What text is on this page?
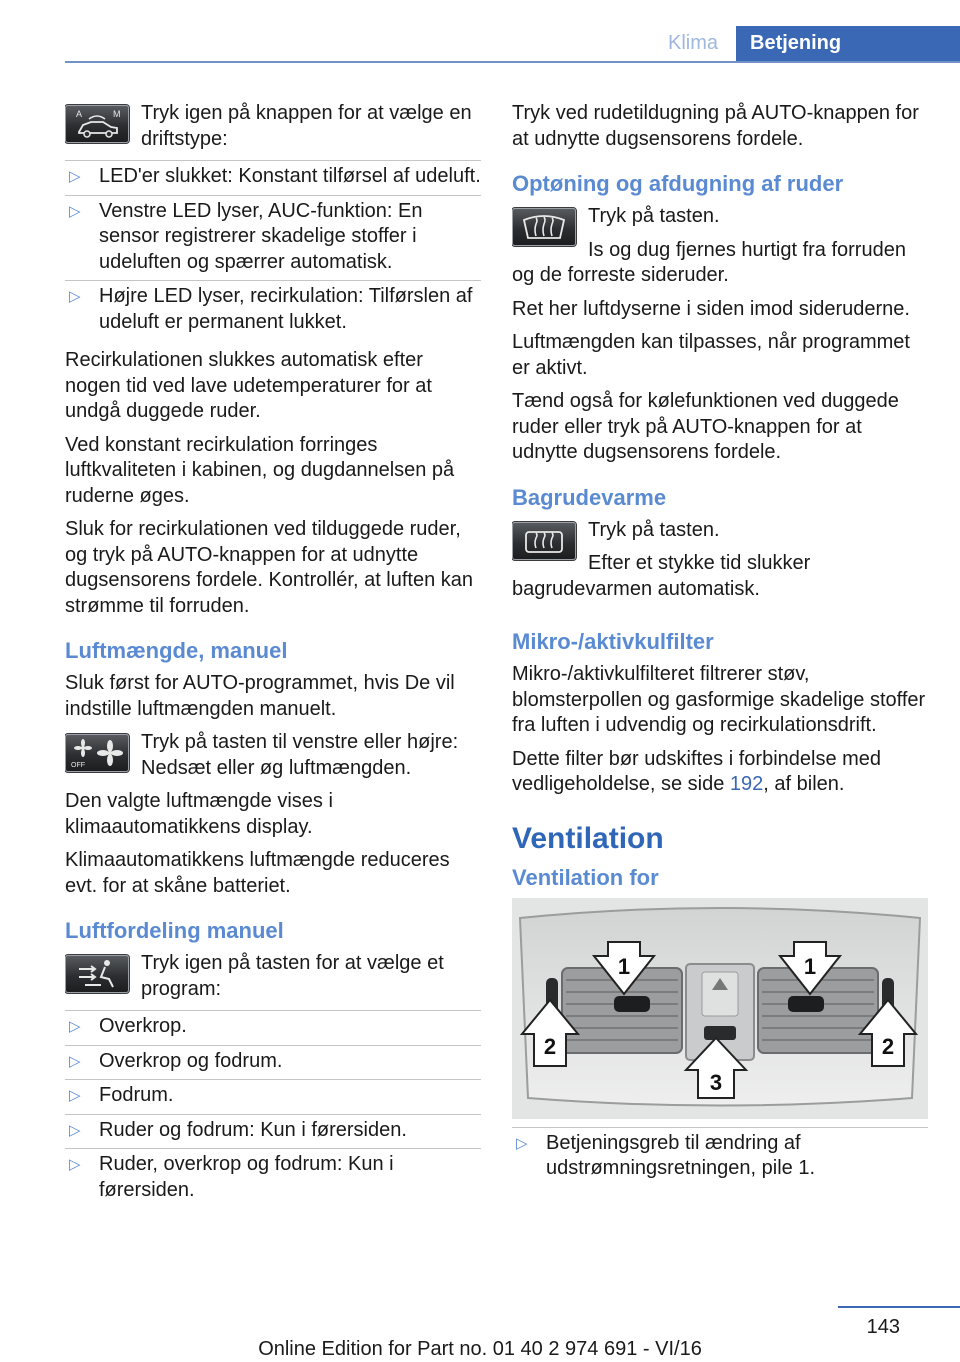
Klima	Betjening
A	M	Tryk igen på knappen for at vælge en driftstype:

▷ LED'er slukket: Konstant tilførsel af udeluft.
▷ Venstre LED lyser, AUC-funktion: En sensor registrerer skadelige stoffer i udeluften og spærrer automatisk.
▷ Højre LED lyser, recirkulation: Tilførslen af udeluft er permanent lukket.

Recirkulationen slukkes automatisk efter nogen tid ved lave udetemperaturer for at undgå duggede ruder.

Ved konstant recirkulation forringes luftkvaliteten i kabinen, og dugdannelsen på ruderne øges.

Sluk for recirkulationen ved tilduggede ruder, og tryk på AUTO-knappen for at udnytte dugsensorens fordele. Kontrollér, at luften kan strømme til forruden.

Luftmængde, manuel

Sluk først for AUTO-programmet, hvis De vil indstille luftmængden manuelt.

OFF

Tryk på tasten til venstre eller højre: Nedsæt eller øg luftmængden.

Den valgte luftmængde vises i klimaautomatikkens display.

Klimaautomatikkens luftmængde reduceres evt. for at skåne batteriet.

Luftfordeling manuel

Tryk igen på tasten for at vælge et program:

▷ Overkrop.
▷ Overkrop og fodrum.
▷ Fodrum.
▷ Ruder og fodrum: Kun i førersiden.
▷ Ruder, overkrop og fodrum: Kun i førersiden.

Tryk ved rudetildugning på AUTO-knappen for at udnytte dugsensorens fordele.

Optøning og afdugning af ruder

Tryk på tasten.

Is og dug fjernes hurtigt fra forruden og de forreste sideruder.

Ret her luftdyserne i siden imod sideruderne.

Luftmængden kan tilpasses, når programmet er aktivt.

Tænd også for kølefunktionen ved duggede ruder eller tryk på AUTO-knappen for at udnytte dugsensorens fordele.

Bagrudevarme

Tryk på tasten.

Efter et stykke tid slukker bagrudevarmen automatisk.

Mikro-/aktivkulfilter

Mikro-/aktivkulfilteret filtrerer støv, blomsterpollen og gasformige skadelige stoffer fra luften i udvendig og recirkulationsdrift.

Dette filter bør udskiftes i forbindelse med vedligeholdelse, se side 192, af bilen.

Ventilation
Ventilation for
1	1
2	2
3
▷ Betjeningsgreb til ændring af udstrømningsretningen, pile 1.
143
Online Edition for Part no. 01 40 2 974 691 - VI/16
